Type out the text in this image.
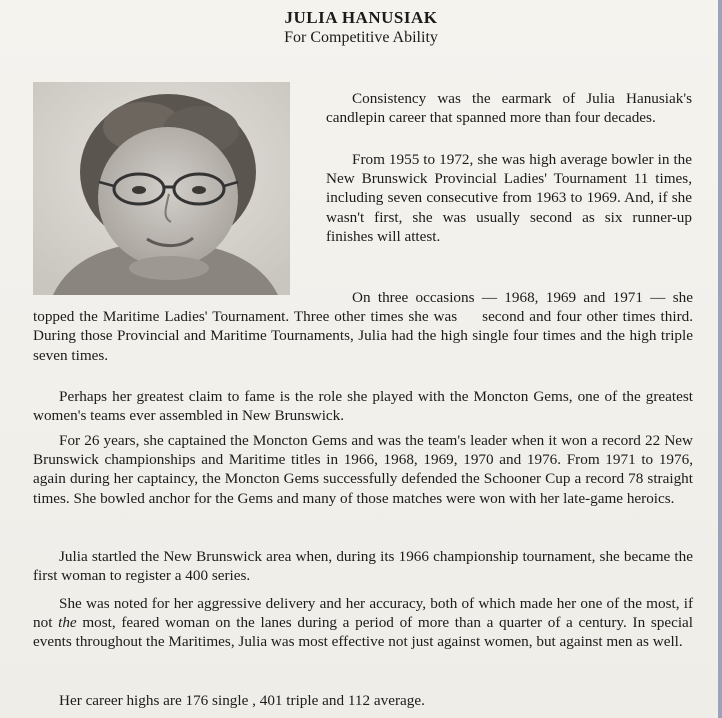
JULIA HANUSIAK

For Competitive Ability

Consistency was the earmark of Julia Hanusiak's candlepin career that spanned more than four decades.

From 1955 to 1972, she was high average bowler in the New Brunswick Provincial Ladies' Tournament 11 times, including seven consecutive from 1963 to 1969. And, if she wasn't first, she was usually second as six runner-up finishes will attest.

Perhaps her greatest claim to fame is the role she played with the Moncton Gems, one of the greatest women's teams ever assembled in New Brunswick.

For 26 years, she captained the Moncton Gems and was the team's leader when it won a record 22 New Brunswick championships and Maritime titles in 1966, 1968, 1969, 1970 and 1976. From 1971 to 1976, again during her captaincy, the Moncton Gems successfully defended the Schooner Cup a record 78 straight times. She bowled anchor for the Gems and many of those matches were won with her late-game heroics.

Julia startled the New Brunswick area when, during its 1966 championship tournament, she became the first woman to register a 400 series.

She was noted for her aggressive delivery and her accuracy, both of which made her one of the most, if not the most, feared woman on the lanes during a period of more than a quarter of a century. In special events throughout the Maritimes, Julia was most effective not just against women, but against men as well.

Her career highs are 176 single , 401 triple and 112 average.

On three occasions — 1968, 1969 and 1971 — she topped the Maritime Ladies' Tournament. Three other times she was second and four other times third. During those Provincial and Maritime Tournaments, Julia had the high single four times and the high triple seven times.
